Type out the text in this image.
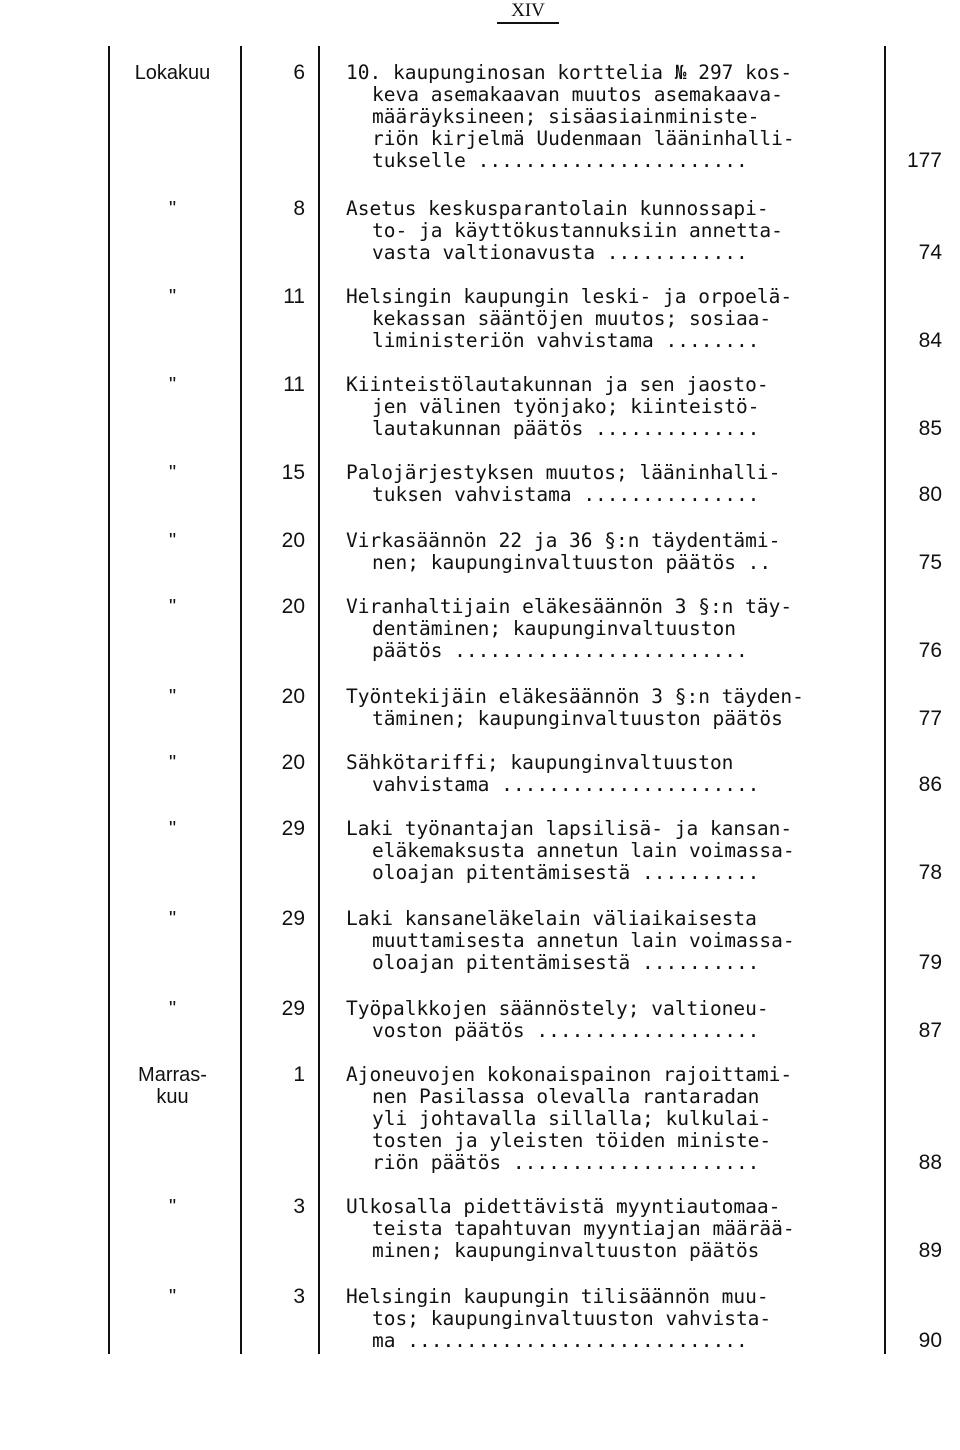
XIV
Lokakuu	6 10. kaupunginosan korttelia № 297 kos-
keva asemakaavan muutos asemakaava-
määräyksineen; sisäasiainministe-
riön kirjelmä Uudenmaan lääninhalli-
tukselle .......................	177
"	8 Asetus keskusparantolain kunnossapi-
to- ja käyttökustannuksiin annetta-
vasta valtionavusta ............	74
"	11 Helsingin kaupungin leski- ja orpoelä-
kekassan sääntöjen muutos; sosiaa-
liministeriön vahvistama ........	84
"	11 Kiinteistölautakunnan ja sen jaosto-
jen välinen työnjako; kiinteistö-
lautakunnan päätös ..............	85
"	15 Palojärjestyksen muutos; lääninhalli-
tuksen vahvistama ...............	80
"	20 Virkasäännön 22 ja 36 §:n täydentämi-
nen; kaupunginvaltuuston päätös ..	75
"	20 Viranhaltijain eläkesäännön 3 §:n täy-
dentäminen; kaupunginvaltuuston
päätös .........................	76
"	20 Työntekijäin eläkesäännön 3 §:n täyden-
täminen; kaupunginvaltuuston päätös	77
"	20 Sähkötariffi; kaupunginvaltuuston
vahvistama ......................	86
"	29 Laki työnantajan lapsilisä- ja kansan-
eläkemaksusta annetun lain voimassa-
oloajan pitentämisestä ..........	78
"	29 Laki kansaneläkelain väliaikaisesta
muuttamisesta annetun lain voimassa-
oloajan pitentämisestä ..........	79
"	29 Työpalkkojen säännöstely; valtioneu-
voston päätös ...................	87
Marras-
kuu
1 Ajoneuvojen kokonaispainon rajoittami-
nen Pasilassa olevalla rantaradan
yli johtavalla sillalla; kulkulai-
tosten ja yleisten töiden ministe-
riön päätös .....................	88
"	3 Ulkosalla pidettävistä myyntiautomaa-
teista tapahtuvan myyntiajan määrää-
minen; kaupunginvaltuuston päätös	89
"	3 Helsingin kaupungin tilisäännön muu-
tos; kaupunginvaltuuston vahvista-
ma .............................	90
